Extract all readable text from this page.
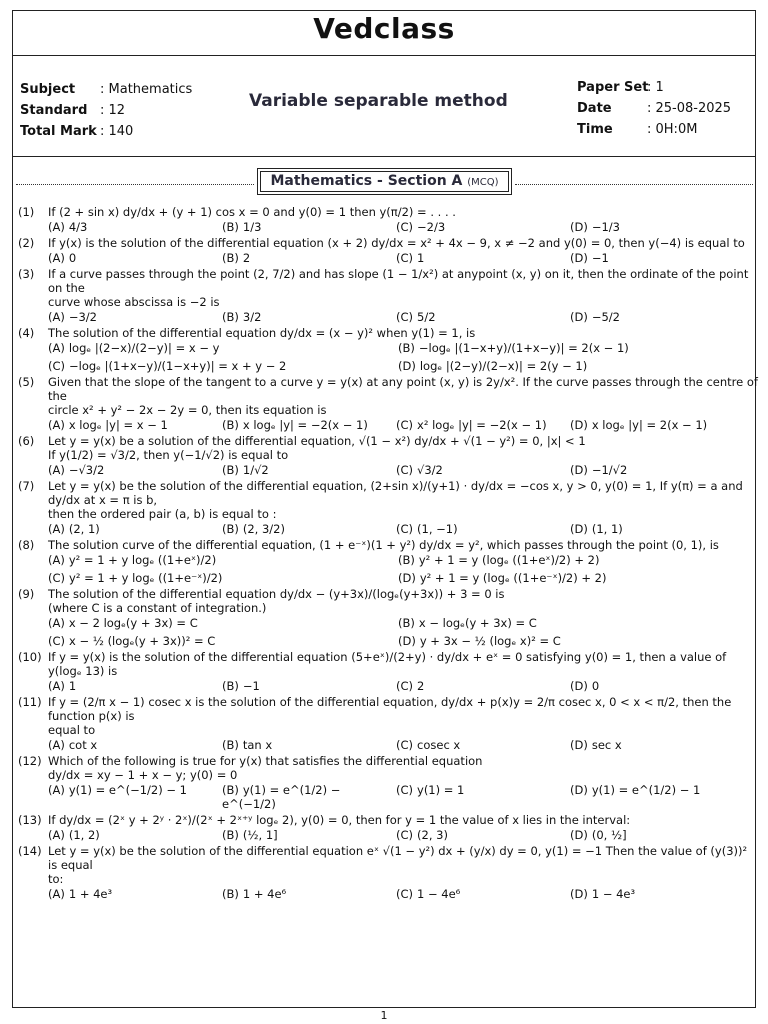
Vedclass
Subject : Mathematics
Standard : 12
Total Mark : 140
Variable separable method
Paper Set: 1
Date	: 25-08-2025
Time	: 0H:0M
Mathematics - Section A (MCQ)
(1)	If (2 + sin x) dy/dx + (y + 1) cos x = 0 and y(0) = 1 then y(π/2) = . . . .
(A) 4/3	(B) 1/3	(C) −2/3	(D) −1/3
(2)	If y(x) is the solution of the differential equation (x + 2) dy/dx = x² + 4x − 9, x ≠ −2 and y(0) = 0, then y(−4) is equal to
(A) 0	(B) 2	(C) 1	(D) −1
(3)	If a curve passes through the point (2, 7/2) and has slope (1 − 1/x²) at anypoint (x, y) on it, then the ordinate of the point on the
curve whose abscissa is −2 is
(A) −3/2	(B) 3/2	(C) 5/2	(D) −5/2
(4)	The solution of the differential equation dy/dx = (x − y)² when y(1) = 1, is
(A) logₑ |(2−x)/(2−y)| = x − y	(B) −logₑ |(1−x+y)/(1+x−y)| = 2(x − 1)
(C) −logₑ |(1+x−y)/(1−x+y)| = x + y − 2	(D) logₑ |(2−y)/(2−x)| = 2(y − 1)
(5)	Given that the slope of the tangent to a curve y = y(x) at any point (x, y) is 2y/x². If the curve passes through the centre of the
circle x² + y² − 2x − 2y = 0, then its equation is
(A) x logₑ |y| = x − 1	(B) x logₑ |y| = −2(x − 1)	(C) x² logₑ |y| = −2(x − 1)	(D) x logₑ |y| = 2(x − 1)
(6)	Let y = y(x) be a solution of the differential equation, √(1 − x²) dy/dx + √(1 − y²) = 0, |x| < 1
If y(1/2) = √3/2, then y(−1/√2) is equal to
(A) −√3/2	(B) 1/√2	(C) √3/2	(D) −1/√2
(7)	Let y = y(x) be the solution of the differential equation, (2+sin x)/(y+1) · dy/dx = −cos x, y > 0, y(0) = 1, If y(π) = a and dy/dx at x = π is b,
then the ordered pair (a, b) is equal to :
(A) (2, 1)	(B) (2, 3/2)	(C) (1, −1)	(D) (1, 1)
(8)	The solution curve of the differential equation, (1 + e⁻ˣ)(1 + y²) dy/dx = y², which passes through the point (0, 1), is
(A) y² = 1 + y logₑ ((1+eˣ)/2)	(B) y² + 1 = y (logₑ ((1+eˣ)/2) + 2)
(C) y² = 1 + y logₑ ((1+e⁻ˣ)/2)	(D) y² + 1 = y (logₑ ((1+e⁻ˣ)/2) + 2)
(9)	The solution of the differential equation dy/dx − (y+3x)/(logₑ(y+3x)) + 3 = 0 is
(where C is a constant of integration.)
(A) x − 2 logₑ(y + 3x) = C	(B) x − logₑ(y + 3x) = C
(C) x − ½ (logₑ(y + 3x))² = C	(D) y + 3x − ½ (logₑ x)² = C
(10) If y = y(x) is the solution of the differential equation (5+eˣ)/(2+y) · dy/dx + eˣ = 0 satisfying y(0) = 1, then a value of y(logₑ 13) is
(A) 1	(B) −1	(C) 2	(D) 0
(11) If y = (2/π x − 1) cosec x is the solution of the differential equation, dy/dx + p(x)y = 2/π cosec x, 0 < x < π/2, then the function p(x) is
equal to
(A) cot x	(B) tan x	(C) cosec x	(D) sec x
(12) Which of the following is true for y(x) that satisfies the differential equation
dy/dx = xy − 1 + x − y; y(0) = 0
(A) y(1) = e^(−1/2) − 1	(B) y(1) = e^(1/2) − e^(−1/2)
(C) y(1) = 1	(D) y(1) = e^(1/2) − 1
(13) If dy/dx = (2ˣ y + 2ʸ · 2ˣ)/(2ˣ + 2ˣ⁺ʸ logₑ 2), y(0) = 0, then for y = 1 the value of x lies in the interval:
(A) (1, 2)	(B) (½, 1]	(C) (2, 3)	(D) (0, ½]
(14) Let y = y(x) be the solution of the differential equation eˣ √(1 − y²) dx + (y/x) dy = 0, y(1) = −1 Then the value of (y(3))² is equal
to:
(A) 1 + 4e³	(B) 1 + 4e⁶	(C) 1 − 4e⁶	(D) 1 − 4e³
1
